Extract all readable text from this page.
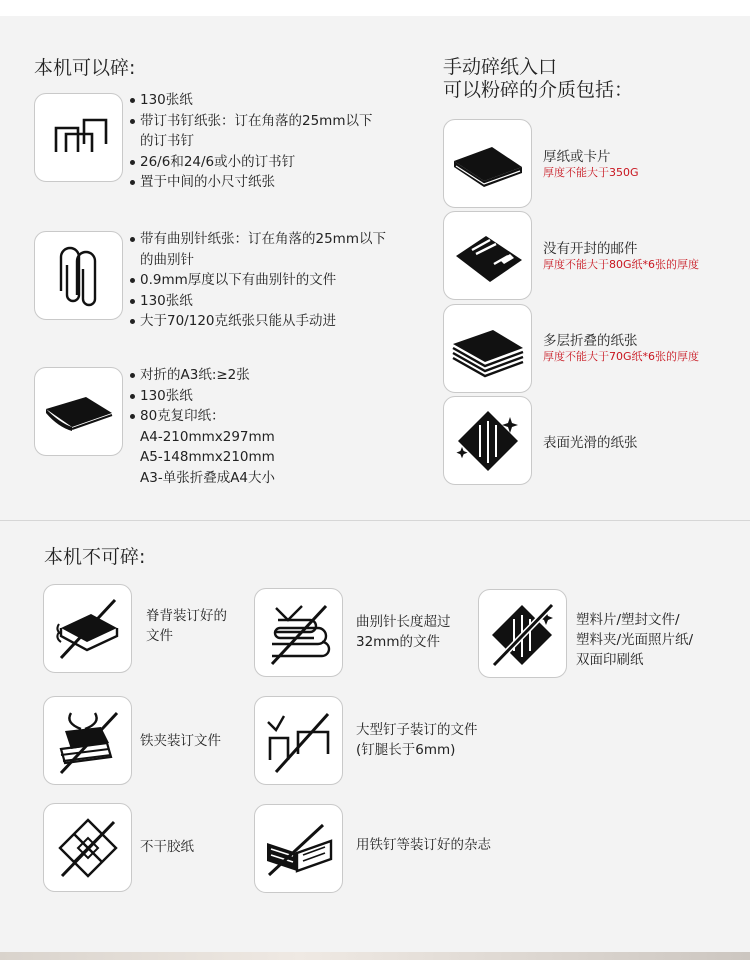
本机可以碎:
130张纸
带订书钉纸张：订在角落的25mm以下
的订书钉
26/6和24/6或小的订书钉
置于中间的小尺寸纸张
带有曲别针纸张：订在角落的25mm以下
的曲别针
0.9mm厚度以下有曲别针的文件
130张纸
大于70/120克纸张只能从手动进
对折的A3纸:≥2张
130张纸
80克复印纸：
A4-210mmx297mm
A5-148mmx210mm
A3-单张折叠成A4大小
手动碎纸入口
可以粉碎的介质包括：
厚纸或卡片
厚度不能大于350G
没有开封的邮件
厚度不能大于80G纸*6张的厚度
多层折叠的纸张
厚度不能大于70G纸*6张的厚度
表面光滑的纸张
本机不可碎:
脊背装订好的
文件
曲别针长度超过
32mm的文件
塑料片/塑封文件/
塑料夹/光面照片纸/
双面印刷纸
铁夹装订文件
大型钉子装订的文件
(钉腿长于6mm)
不干胶纸	用铁钉等装订好的杂志
